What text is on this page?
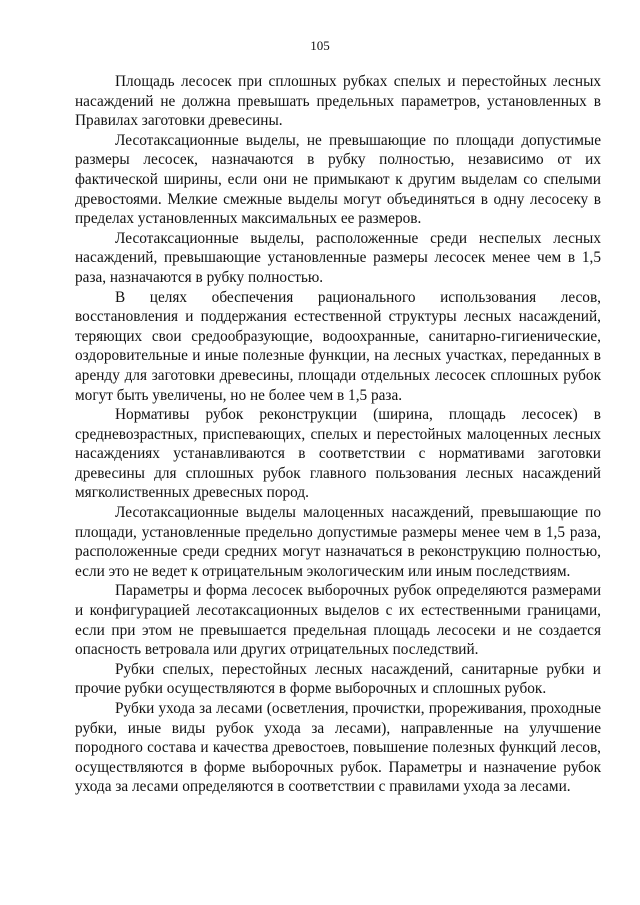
105

Площадь лесосек при сплошных рубках спелых и перестойных лесных насаждений не должна превышать предельных параметров, установленных в Правилах заготовки древесины.

Лесотаксационные выделы, не превышающие по площади допустимые размеры лесосек, назначаются в рубку полностью, независимо от их фактической ширины, если они не примыкают к другим выделам со спелыми древостоями. Мелкие смежные выделы могут объединяться в одну лесосеку в пределах установленных максимальных ее размеров.

Лесотаксационные выделы, расположенные среди неспелых лесных насаждений, превышающие установленные размеры лесосек менее чем в 1,5 раза, назначаются в рубку полностью.

В целях обеспечения рационального использования лесов, восстановления и поддержания естественной структуры лесных насаждений, теряющих свои средообразующие, водоохранные, санитарно-гигиенические, оздоровительные и иные полезные функции, на лесных участках, переданных в аренду для заготовки древесины, площади отдельных лесосек сплошных рубок могут быть увеличены, но не более чем в 1,5 раза.

Нормативы рубок реконструкции (ширина, площадь лесосек) в средневозрастных, приспевающих, спелых и перестойных малоценных лесных насаждениях устанавливаются в соответствии с нормативами заготовки древесины для сплошных рубок главного пользования лесных насаждений мягколиственных древесных пород.

Лесотаксационные выделы малоценных насаждений, превышающие по площади, установленные предельно допустимые размеры менее чем в 1,5 раза, расположенные среди средних могут назначаться в реконструкцию полностью, если это не ведет к отрицательным экологическим или иным последствиям.

Параметры и форма лесосек выборочных рубок определяются размерами и конфигурацией лесотаксационных выделов с их естественными границами, если при этом не превышается предельная площадь лесосеки и не создается опасность ветровала или других отрицательных последствий.

Рубки спелых, перестойных лесных насаждений, санитарные рубки и прочие рубки осуществляются в форме выборочных и сплошных рубок.

Рубки ухода за лесами (осветления, прочистки, прореживания, проходные рубки, иные виды рубок ухода за лесами), направленные на улучшение породного состава и качества древостоев, повышение полезных функций лесов, осуществляются в форме выборочных рубок. Параметры и назначение рубок ухода за лесами определяются в соответствии с правилами ухода за лесами.
